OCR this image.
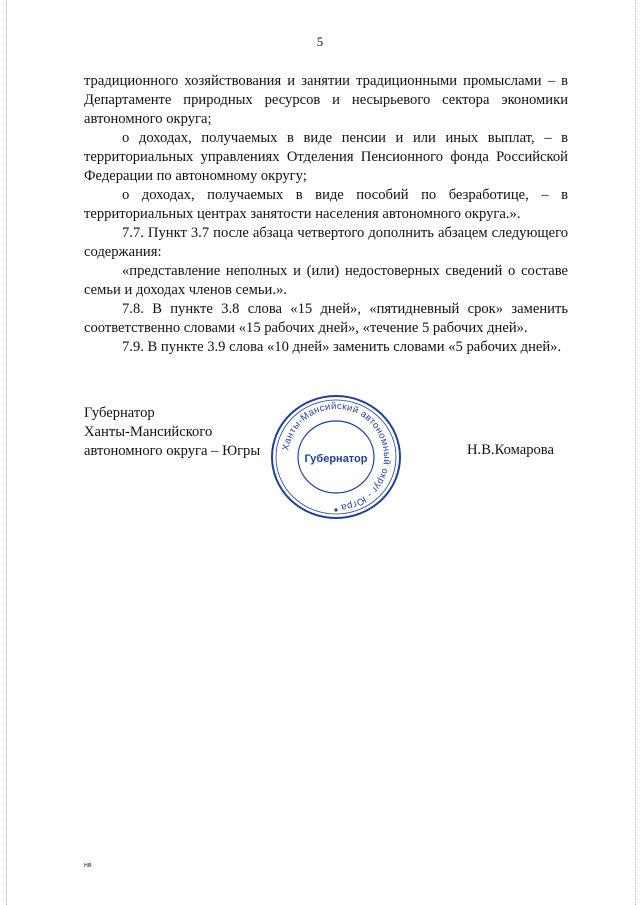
5

традиционного хозяйствования и занятии традиционными промыслами – в Департаменте природных ресурсов и несырьевого сектора экономики автономного округа;

о доходах, получаемых в виде пенсии и или иных выплат, – в территориальных управлениях Отделения Пенсионного фонда Российской Федерации по автономному округу;

о доходах, получаемых в виде пособий по безработице, – в территориальных центрах занятости населения автономного округа.».

7.7. Пункт 3.7 после абзаца четвертого дополнить абзацем следующего содержания:

«представление неполных и (или) недостоверных сведений о составе семьи и доходах членов семьи.».

7.8. В пункте 3.8 слова «15 дней», «пятидневный срок» заменить соответственно словами «15 рабочих дней», «течение 5 рабочих дней».

7.9. В пункте 3.9 слова «10 дней» заменить словами «5 рабочих дней».

Губернатор
Ханты-Мансийского
автономного округа – Югры Ханты-Мансийский автономный округ - Югра
Губернатор
Н.В.Комарова
нв
